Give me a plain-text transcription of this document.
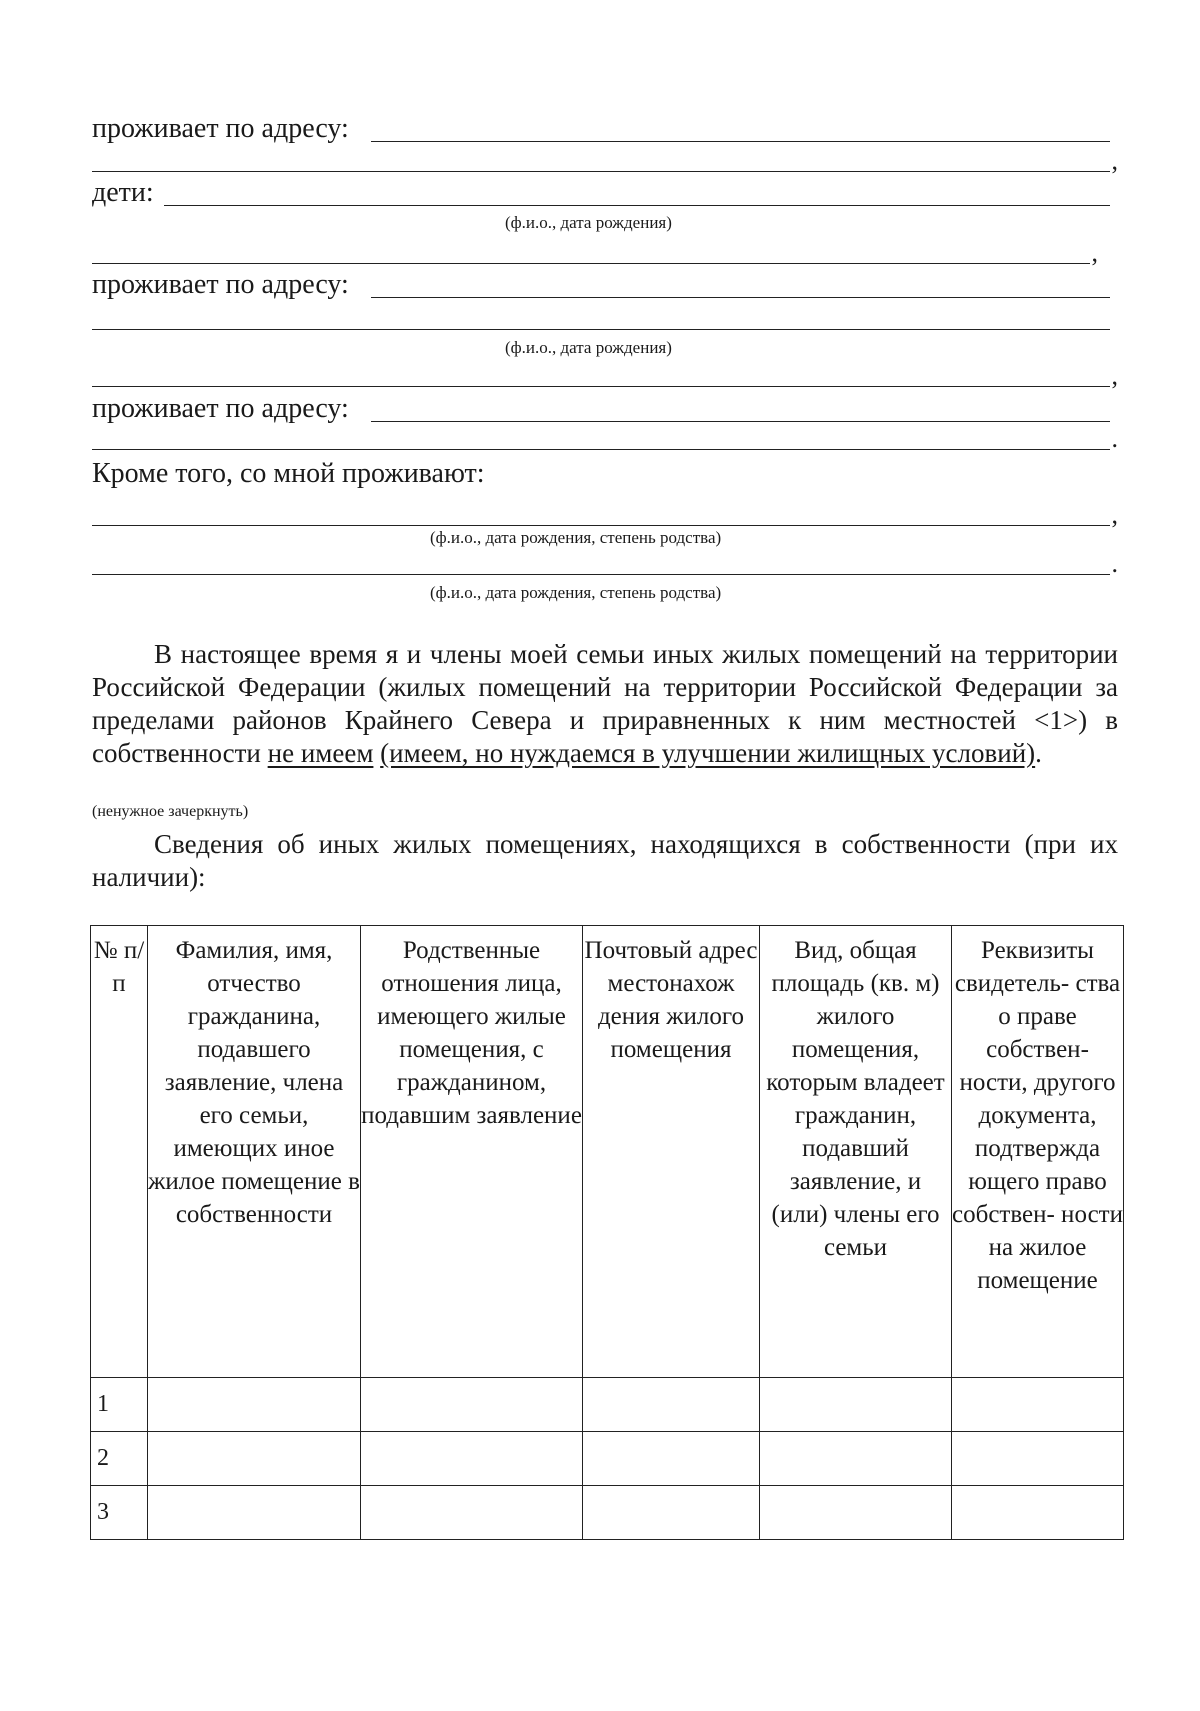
проживает по адресу:
,
дети:
(ф.и.о., дата рождения)
,
проживает по адресу:
(ф.и.о., дата рождения)
,
проживает по адресу:
.
Кроме того, со мной проживают:
,
(ф.и.о., дата рождения, степень родства)
.
(ф.и.о., дата рождения, степень родства)

В настоящее время я и члены моей семьи иных жилых помещений на территории Российской Федерации (жилых помещений на территории Российской Федерации за пределами районов Крайнего Севера и приравненных к ним местностей <1>) в собственности не имеем (имеем, но нуждаемся в улучшении жилищных условий).

(ненужное зачеркнуть)

Сведения об иных жилых помещениях, находящихся в собственности (при их наличии):

№ п/п	Фамилия, имя, отчество гражданина, подавшего заявление, члена его семьи, имеющих иное жилое помещение в собственности	Родственные отношения лица, имеющего жилые помещения, с гражданином, подавшим заявление	Почтовый адрес местонахож дения жилого помещения	Вид, общая площадь (кв. м) жилого помещения, которым владеет гражданин, подавший заявление, и (или) члены его семьи	Реквизиты свидетель- ства о праве собствен- ности, другого документа, подтвержда ющего право собствен- ности на жилое помещение
1					
2					
3					
